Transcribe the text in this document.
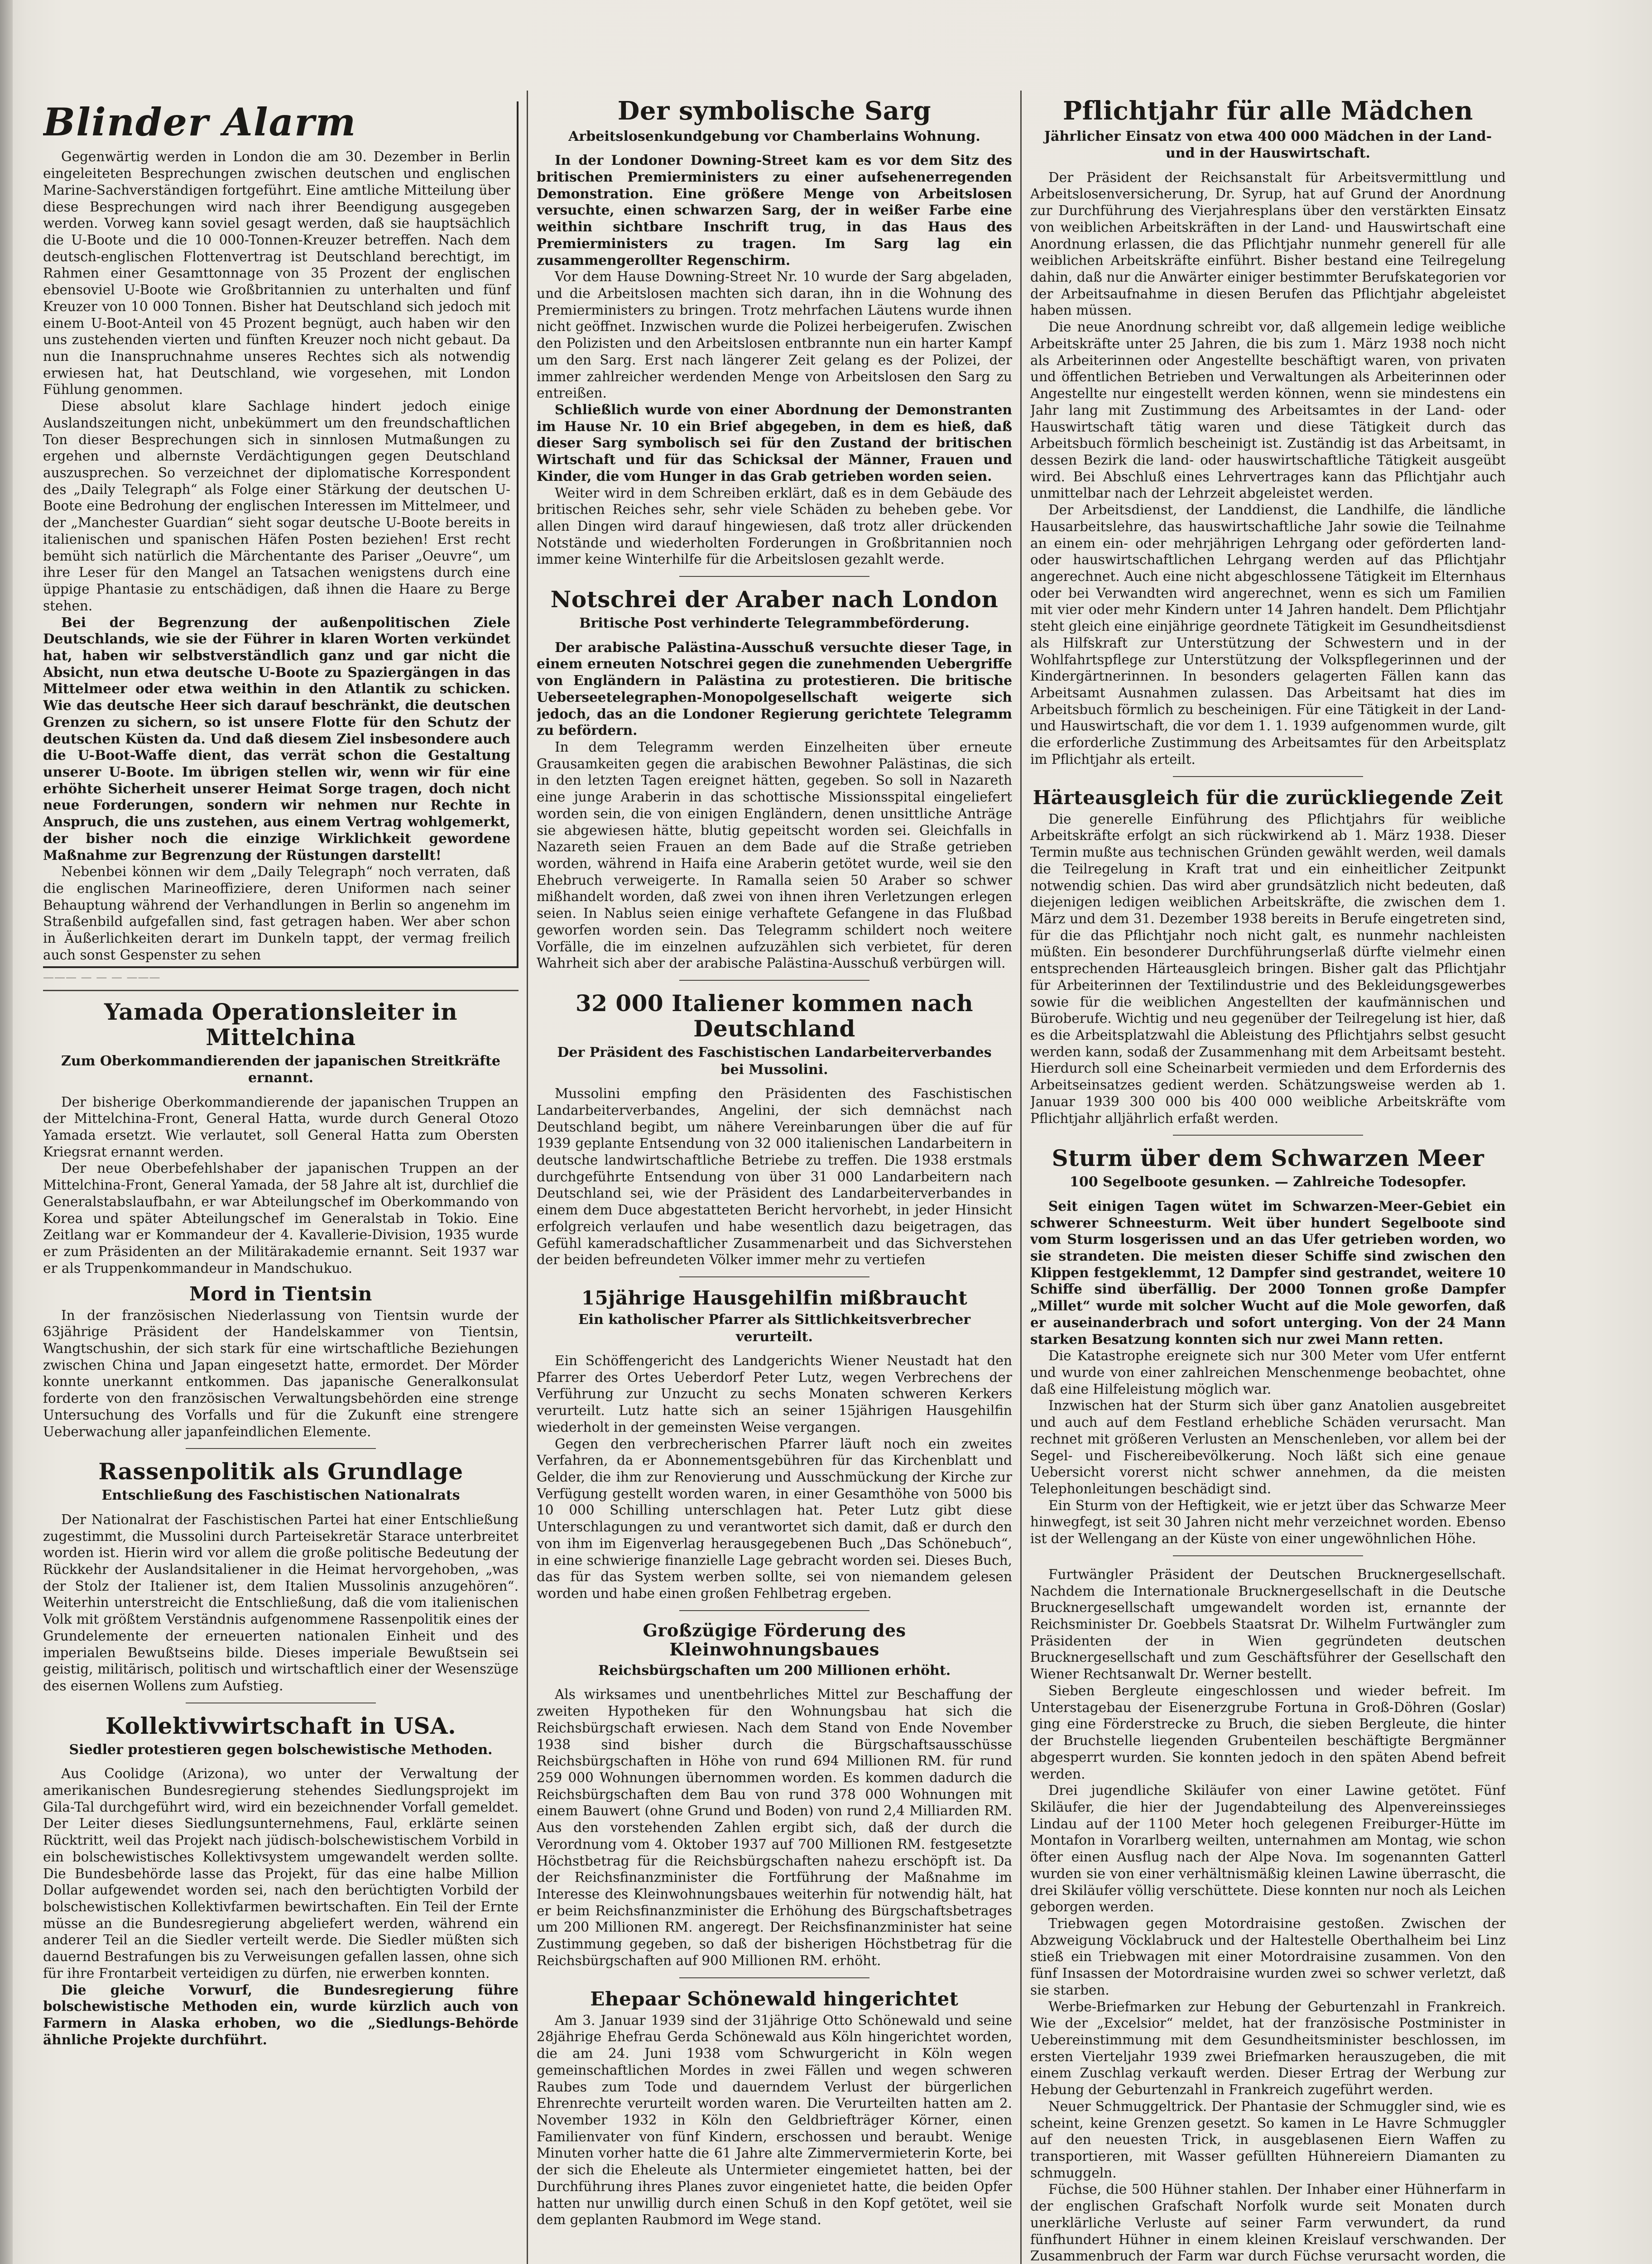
Blinder Alarm

Gegenwärtig werden in London die am 30. Dezember in Berlin eingeleiteten Besprechungen zwischen deutschen und englischen Marine-Sachverständigen fortgeführt. Eine amtliche Mitteilung über diese Besprechungen wird nach ihrer Beendigung ausgegeben werden. Vorweg kann soviel gesagt werden, daß sie hauptsächlich die U-Boote und die 10 000-Tonnen-Kreuzer betreffen. Nach dem deutsch-englischen Flottenvertrag ist Deutschland berechtigt, im Rahmen einer Gesamttonnage von 35 Prozent der englischen ebensoviel U-Boote wie Großbritannien zu unterhalten und fünf Kreuzer von 10 000 Tonnen. Bisher hat Deutschland sich jedoch mit einem U-Boot-Anteil von 45 Prozent begnügt, auch haben wir den uns zustehenden vierten und fünften Kreuzer noch nicht gebaut. Da nun die Inanspruchnahme unseres Rechtes sich als notwendig erwiesen hat, hat Deutschland, wie vorgesehen, mit London Fühlung genommen.

Diese absolut klare Sachlage hindert jedoch einige Auslandszeitungen nicht, unbekümmert um den freundschaftlichen Ton dieser Besprechungen sich in sinnlosen Mutmaßungen zu ergehen und albernste Verdächtigungen gegen Deutschland auszusprechen. So verzeichnet der diplomatische Korrespondent des „Daily Telegraph“ als Folge einer Stärkung der deutschen U-Boote eine Bedrohung der englischen Interessen im Mittelmeer, und der „Manchester Guardian“ sieht sogar deutsche U-Boote bereits in italienischen und spanischen Häfen Posten beziehen! Erst recht bemüht sich natürlich die Märchentante des Pariser „Oeuvre“, um ihre Leser für den Mangel an Tatsachen wenigstens durch eine üppige Phantasie zu entschädigen, daß ihnen die Haare zu Berge stehen.

Bei der Begrenzung der außenpolitischen Ziele Deutschlands, wie sie der Führer in klaren Worten verkündet hat, haben wir selbstverständlich ganz und gar nicht die Absicht, nun etwa deutsche U-Boote zu Spaziergängen in das Mittelmeer oder etwa weithin in den Atlantik zu schicken. Wie das deutsche Heer sich darauf beschränkt, die deutschen Grenzen zu sichern, so ist unsere Flotte für den Schutz der deutschen Küsten da. Und daß diesem Ziel insbesondere auch die U-Boot-Waffe dient, das verrät schon die Gestaltung unserer U-Boote. Im übrigen stellen wir, wenn wir für eine erhöhte Sicherheit unserer Heimat Sorge tragen, doch nicht neue Forderungen, sondern wir nehmen nur Rechte in Anspruch, die uns zustehen, aus einem Vertrag wohlgemerkt, der bisher noch die einzige Wirklichkeit gewordene Maßnahme zur Begrenzung der Rüstungen darstellt!

Nebenbei können wir dem „Daily Telegraph“ noch verraten, daß die englischen Marineoffiziere, deren Uniformen nach seiner Behauptung während der Verhandlungen in Berlin so angenehm im Straßenbild aufgefallen sind, fast getragen haben. Wer aber schon in Äußerlichkeiten derart im Dunkeln tappt, der vermag freilich auch sonst Gespenster zu sehen

——— — — — ———
Yamada Operationsleiter in Mittelchina
Zum Oberkommandierenden der japanischen Streitkräfte ernannt.

Der bisherige Oberkommandierende der japanischen Truppen an der Mittelchina-Front, General Hatta, wurde durch General Otozo Yamada ersetzt. Wie verlautet, soll General Hatta zum Obersten Kriegsrat ernannt werden.

Der neue Oberbefehlshaber der japanischen Truppen an der Mittelchina-Front, General Yamada, der 58 Jahre alt ist, durchlief die Generalstabslaufbahn, er war Abteilungschef im Oberkommando von Korea und später Abteilungschef im Generalstab in Tokio. Eine Zeitlang war er Kommandeur der 4. Kavallerie-Division, 1935 wurde er zum Präsidenten an der Militärakademie ernannt. Seit 1937 war er als Truppenkommandeur in Mandschukuo.

Mord in Tientsin

In der französischen Niederlassung von Tientsin wurde der 63jährige Präsident der Handelskammer von Tientsin, Wangtschushin, der sich stark für eine wirtschaftliche Beziehungen zwischen China und Japan eingesetzt hatte, ermordet. Der Mörder konnte unerkannt entkommen. Das japanische Generalkonsulat forderte von den französischen Verwaltungsbehörden eine strenge Untersuchung des Vorfalls und für die Zukunft eine strengere Ueberwachung aller japanfeindlichen Elemente.

Rassenpolitik als Grundlage
Entschließung des Faschistischen Nationalrats

Der Nationalrat der Faschistischen Partei hat einer Entschließung zugestimmt, die Mussolini durch Parteisekretär Starace unterbreitet worden ist. Hierin wird vor allem die große politische Bedeutung der Rückkehr der Auslandsitaliener in die Heimat hervorgehoben, „was der Stolz der Italiener ist, dem Italien Mussolinis anzugehören“. Weiterhin unterstreicht die Entschließung, daß die vom italienischen Volk mit größtem Verständnis aufgenommene Rassenpolitik eines der Grundelemente der erneuerten nationalen Einheit und des imperialen Bewußtseins bilde. Dieses imperiale Bewußtsein sei geistig, militärisch, politisch und wirtschaftlich einer der Wesenszüge des eisernen Wollens zum Aufstieg.

Kollektivwirtschaft in USA.
Siedler protestieren gegen bolschewistische Methoden.

Aus Coolidge (Arizona), wo unter der Verwaltung der amerikanischen Bundesregierung stehendes Siedlungsprojekt im Gila-Tal durchgeführt wird, wird ein bezeichnender Vorfall gemeldet. Der Leiter dieses Siedlungsunternehmens, Faul, erklärte seinen Rücktritt, weil das Projekt nach jüdisch-bolschewistischem Vorbild in ein bolschewistisches Kollektivsystem umgewandelt werden sollte. Die Bundesbehörde lasse das Projekt, für das eine halbe Million Dollar aufgewendet worden sei, nach den berüchtigten Vorbild der bolschewistischen Kollektivfarmen bewirtschaften. Ein Teil der Ernte müsse an die Bundesregierung abgeliefert werden, während ein anderer Teil an die Siedler verteilt werde. Die Siedler müßten sich dauernd Bestrafungen bis zu Verweisungen gefallen lassen, ohne sich für ihre Frontarbeit verteidigen zu dürfen, nie erwerben konnten.

Die gleiche Vorwurf, die Bundesregierung führe bolschewistische Methoden ein, wurde kürzlich auch von Farmern in Alaska erhoben, wo die „Siedlungs-Behörde ähnliche Projekte durchführt.

Der symbolische Sarg
Arbeitslosenkundgebung vor Chamberlains Wohnung.

In der Londoner Downing-Street kam es vor dem Sitz des britischen Premierministers zu einer aufsehenerregenden Demonstration. Eine größere Menge von Arbeitslosen versuchte, einen schwarzen Sarg, der in weißer Farbe eine weithin sichtbare Inschrift trug, in das Haus des Premierministers zu tragen. Im Sarg lag ein zusammengerollter Regenschirm.

Vor dem Hause Downing-Street Nr. 10 wurde der Sarg abgeladen, und die Arbeitslosen machten sich daran, ihn in die Wohnung des Premierministers zu bringen. Trotz mehrfachen Läutens wurde ihnen nicht geöffnet. Inzwischen wurde die Polizei herbeigerufen. Zwischen den Polizisten und den Arbeitslosen entbrannte nun ein harter Kampf um den Sarg. Erst nach längerer Zeit gelang es der Polizei, der immer zahlreicher werdenden Menge von Arbeitslosen den Sarg zu entreißen.

Schließlich wurde von einer Abordnung der Demonstranten im Hause Nr. 10 ein Brief abgegeben, in dem es hieß, daß dieser Sarg symbolisch sei für den Zustand der britischen Wirtschaft und für das Schicksal der Männer, Frauen und Kinder, die vom Hunger in das Grab getrieben worden seien.

Weiter wird in dem Schreiben erklärt, daß es in dem Gebäude des britischen Reiches sehr, sehr viele Schäden zu beheben gebe. Vor allen Dingen wird darauf hingewiesen, daß trotz aller drückenden Notstände und wiederholten Forderungen in Großbritannien noch immer keine Winterhilfe für die Arbeitslosen gezahlt werde.

Notschrei der Araber nach London
Britische Post verhinderte Telegrammbeförderung.

Der arabische Palästina-Ausschuß versuchte dieser Tage, in einem erneuten Notschrei gegen die zunehmenden Uebergriffe von Engländern in Palästina zu protestieren. Die britische Ueberseetelegraphen-Monopolgesellschaft weigerte sich jedoch, das an die Londoner Regierung gerichtete Telegramm zu befördern.

In dem Telegramm werden Einzelheiten über erneute Grausamkeiten gegen die arabischen Bewohner Palästinas, die sich in den letzten Tagen ereignet hätten, gegeben. So soll in Nazareth eine junge Araberin in das schottische Missionsspital eingeliefert worden sein, die von einigen Engländern, denen unsittliche Anträge sie abgewiesen hätte, blutig gepeitscht worden sei. Gleichfalls in Nazareth seien Frauen an dem Bade auf die Straße getrieben worden, während in Haifa eine Araberin getötet wurde, weil sie den Ehebruch verweigerte. In Ramalla seien 50 Araber so schwer mißhandelt worden, daß zwei von ihnen ihren Verletzungen erlegen seien. In Nablus seien einige verhaftete Gefangene in das Flußbad geworfen worden sein. Das Telegramm schildert noch weitere Vorfälle, die im einzelnen aufzuzählen sich verbietet, für deren Wahrheit sich aber der arabische Palästina-Ausschuß verbürgen will.

32 000 Italiener kommen nach Deutschland
Der Präsident des Faschistischen Landarbeiterverbandes bei Mussolini.

Mussolini empfing den Präsidenten des Faschistischen Landarbeiterverbandes, Angelini, der sich demnächst nach Deutschland begibt, um nähere Vereinbarungen über die auf für 1939 geplante Entsendung von 32 000 italienischen Landarbeitern in deutsche landwirtschaftliche Betriebe zu treffen. Die 1938 erstmals durchgeführte Entsendung von über 31 000 Landarbeitern nach Deutschland sei, wie der Präsident des Landarbeiterverbandes in einem dem Duce abgestatteten Bericht hervorhebt, in jeder Hinsicht erfolgreich verlaufen und habe wesentlich dazu beigetragen, das Gefühl kameradschaftlicher Zusammenarbeit und das Sichverstehen der beiden befreundeten Völker immer mehr zu vertiefen

15jährige Hausgehilfin mißbraucht
Ein katholischer Pfarrer als Sittlichkeitsverbrecher verurteilt.

Ein Schöffengericht des Landgerichts Wiener Neustadt hat den Pfarrer des Ortes Ueberdorf Peter Lutz, wegen Verbrechens der Verführung zur Unzucht zu sechs Monaten schweren Kerkers verurteilt. Lutz hatte sich an seiner 15jährigen Hausgehilfin wiederholt in der gemeinsten Weise vergangen.

Gegen den verbrecherischen Pfarrer läuft noch ein zweites Verfahren, da er Abonnementsgebühren für das Kirchenblatt und Gelder, die ihm zur Renovierung und Ausschmückung der Kirche zur Verfügung gestellt worden waren, in einer Gesamthöhe von 5000 bis 10 000 Schilling unterschlagen hat. Peter Lutz gibt diese Unterschlagungen zu und verantwortet sich damit, daß er durch den von ihm im Eigenverlag herausgegebenen Buch „Das Schönebuch“, in eine schwierige finanzielle Lage gebracht worden sei. Dieses Buch, das für das System werben sollte, sei von niemandem gelesen worden und habe einen großen Fehlbetrag ergeben.

Großzügige Förderung des Kleinwohnungsbaues
Reichsbürgschaften um 200 Millionen erhöht.

Als wirksames und unentbehrliches Mittel zur Beschaffung der zweiten Hypotheken für den Wohnungsbau hat sich die Reichsbürgschaft erwiesen. Nach dem Stand von Ende November 1938 sind bisher durch die Bürgschaftsausschüsse Reichsbürgschaften in Höhe von rund 694 Millionen RM. für rund 259 000 Wohnungen übernommen worden. Es kommen dadurch die Reichsbürgschaften dem Bau von rund 378 000 Wohnungen mit einem Bauwert (ohne Grund und Boden) von rund 2,4 Milliarden RM. Aus den vorstehenden Zahlen ergibt sich, daß der durch die Verordnung vom 4. Oktober 1937 auf 700 Millionen RM. festgesetzte Höchstbetrag für die Reichsbürgschaften nahezu erschöpft ist. Da der Reichsfinanzminister die Fortführung der Maßnahme im Interesse des Kleinwohnungsbaues weiterhin für notwendig hält, hat er beim Reichsfinanzminister die Erhöhung des Bürgschaftsbetrages um 200 Millionen RM. angeregt. Der Reichsfinanzminister hat seine Zustimmung gegeben, so daß der bisherigen Höchstbetrag für die Reichsbürgschaften auf 900 Millionen RM. erhöht.

Ehepaar Schönewald hingerichtet

Am 3. Januar 1939 sind der 31jährige Otto Schönewald und seine 28jährige Ehefrau Gerda Schönewald aus Köln hingerichtet worden, die am 24. Juni 1938 vom Schwurgericht in Köln wegen gemeinschaftlichen Mordes in zwei Fällen und wegen schweren Raubes zum Tode und dauerndem Verlust der bürgerlichen Ehrenrechte verurteilt worden waren. Die Verurteilten hatten am 2. November 1932 in Köln den Geldbriefträger Körner, einen Familienvater von fünf Kindern, erschossen und beraubt. Wenige Minuten vorher hatte die 61 Jahre alte Zimmervermieterin Korte, bei der sich die Eheleute als Untermieter eingemietet hatten, bei der Durchführung ihres Planes zuvor eingenietet hatte, die beiden Opfer hatten nur unwillig durch einen Schuß in den Kopf getötet, weil sie dem geplanten Raubmord im Wege stand.

Pflichtjahr für alle Mädchen
Jährlicher Einsatz von etwa 400 000 Mädchen in der Land- und in der Hauswirtschaft.

Der Präsident der Reichsanstalt für Arbeitsvermittlung und Arbeitslosenversicherung, Dr. Syrup, hat auf Grund der Anordnung zur Durchführung des Vierjahresplans über den verstärkten Einsatz von weiblichen Arbeitskräften in der Land- und Hauswirtschaft eine Anordnung erlassen, die das Pflichtjahr nunmehr generell für alle weiblichen Arbeitskräfte einführt. Bisher bestand eine Teilregelung dahin, daß nur die Anwärter einiger bestimmter Berufskategorien vor der Arbeitsaufnahme in diesen Berufen das Pflichtjahr abgeleistet haben müssen.

Die neue Anordnung schreibt vor, daß allgemein ledige weibliche Arbeitskräfte unter 25 Jahren, die bis zum 1. März 1938 noch nicht als Arbeiterinnen oder Angestellte beschäftigt waren, von privaten und öffentlichen Betrieben und Verwaltungen als Arbeiterinnen oder Angestellte nur eingestellt werden können, wenn sie mindestens ein Jahr lang mit Zustimmung des Arbeitsamtes in der Land- oder Hauswirtschaft tätig waren und diese Tätigkeit durch das Arbeitsbuch förmlich bescheinigt ist. Zuständig ist das Arbeitsamt, in dessen Bezirk die land- oder hauswirtschaftliche Tätigkeit ausgeübt wird. Bei Abschluß eines Lehrvertrages kann das Pflichtjahr auch unmittelbar nach der Lehrzeit abgeleistet werden.

Der Arbeitsdienst, der Landdienst, die Landhilfe, die ländliche Hausarbeitslehre, das hauswirtschaftliche Jahr sowie die Teilnahme an einem ein- oder mehrjährigen Lehrgang oder geförderten land- oder hauswirtschaftlichen Lehrgang werden auf das Pflichtjahr angerechnet. Auch eine nicht abgeschlossene Tätigkeit im Elternhaus oder bei Verwandten wird angerechnet, wenn es sich um Familien mit vier oder mehr Kindern unter 14 Jahren handelt. Dem Pflichtjahr steht gleich eine einjährige geordnete Tätigkeit im Gesundheitsdienst als Hilfskraft zur Unterstützung der Schwestern und in der Wohlfahrtspflege zur Unterstützung der Volkspflegerinnen und der Kindergärtnerinnen. In besonders gelagerten Fällen kann das Arbeitsamt Ausnahmen zulassen. Das Arbeitsamt hat dies im Arbeitsbuch förmlich zu bescheinigen. Für eine Tätigkeit in der Land- und Hauswirtschaft, die vor dem 1. 1. 1939 aufgenommen wurde, gilt die erforderliche Zustimmung des Arbeitsamtes für den Arbeitsplatz im Pflichtjahr als erteilt.

Härteausgleich für die zurückliegende Zeit

Die generelle Einführung des Pflichtjahrs für weibliche Arbeitskräfte erfolgt an sich rückwirkend ab 1. März 1938. Dieser Termin mußte aus technischen Gründen gewählt werden, weil damals die Teilregelung in Kraft trat und ein einheitlicher Zeitpunkt notwendig schien. Das wird aber grundsätzlich nicht bedeuten, daß diejenigen ledigen weiblichen Arbeitskräfte, die zwischen dem 1. März und dem 31. Dezember 1938 bereits in Berufe eingetreten sind, für die das Pflichtjahr noch nicht galt, es nunmehr nachleisten müßten. Ein besonderer Durchführungserlaß dürfte vielmehr einen entsprechenden Härteausgleich bringen. Bisher galt das Pflichtjahr für Arbeiterinnen der Textilindustrie und des Bekleidungsgewerbes sowie für die weiblichen Angestellten der kaufmännischen und Büroberufe. Wichtig und neu gegenüber der Teilregelung ist hier, daß es die Arbeitsplatzwahl die Ableistung des Pflichtjahrs selbst gesucht werden kann, sodaß der Zusammenhang mit dem Arbeitsamt besteht. Hierdurch soll eine Scheinarbeit vermieden und dem Erfordernis des Arbeitseinsatzes gedient werden. Schätzungsweise werden ab 1. Januar 1939 300 000 bis 400 000 weibliche Arbeitskräfte vom Pflichtjahr alljährlich erfaßt werden.

Sturm über dem Schwarzen Meer
100 Segelboote gesunken. — Zahlreiche Todesopfer.

Seit einigen Tagen wütet im Schwarzen-Meer-Gebiet ein schwerer Schneesturm. Weit über hundert Segelboote sind vom Sturm losgerissen und an das Ufer getrieben worden, wo sie strandeten. Die meisten dieser Schiffe sind zwischen den Klippen festgeklemmt, 12 Dampfer sind gestrandet, weitere 10 Schiffe sind überfällig. Der 2000 Tonnen große Dampfer „Millet“ wurde mit solcher Wucht auf die Mole geworfen, daß er auseinanderbrach und sofort unterging. Von der 24 Mann starken Besatzung konnten sich nur zwei Mann retten.

Die Katastrophe ereignete sich nur 300 Meter vom Ufer entfernt und wurde von einer zahlreichen Menschenmenge beobachtet, ohne daß eine Hilfeleistung möglich war.

Inzwischen hat der Sturm sich über ganz Anatolien ausgebreitet und auch auf dem Festland erhebliche Schäden verursacht. Man rechnet mit größeren Verlusten an Menschenleben, vor allem bei der Segel- und Fischereibevölkerung. Noch läßt sich eine genaue Uebersicht vorerst nicht schwer annehmen, da die meisten Telephonleitungen beschädigt sind.

Ein Sturm von der Heftigkeit, wie er jetzt über das Schwarze Meer hinwegfegt, ist seit 30 Jahren nicht mehr verzeichnet worden. Ebenso ist der Wellengang an der Küste von einer ungewöhnlichen Höhe.

Furtwängler Präsident der Deutschen Brucknergesellschaft. Nachdem die Internationale Brucknergesellschaft in die Deutsche Brucknergesellschaft umgewandelt worden ist, ernannte der Reichsminister Dr. Goebbels Staatsrat Dr. Wilhelm Furtwängler zum Präsidenten der in Wien gegründeten deutschen Brucknergesellschaft und zum Geschäftsführer der Gesellschaft den Wiener Rechtsanwalt Dr. Werner bestellt.

Sieben Bergleute eingeschlossen und wieder befreit. Im Unterstagebau der Eisenerzgrube Fortuna in Groß-Döhren (Goslar) ging eine Förderstrecke zu Bruch, die sieben Bergleute, die hinter der Bruchstelle liegenden Grubenteilen beschäftigte Bergmänner abgesperrt wurden. Sie konnten jedoch in den späten Abend befreit werden.

Drei jugendliche Skiläufer von einer Lawine getötet. Fünf Skiläufer, die hier der Jugendabteilung des Alpenvereinssieges Lindau auf der 1100 Meter hoch gelegenen Freiburger-Hütte im Montafon in Vorarlberg weilten, unternahmen am Montag, wie schon öfter einen Ausflug nach der Alpe Nova. Im sogenannten Gatterl wurden sie von einer verhältnismäßig kleinen Lawine überrascht, die drei Skiläufer völlig verschüttete. Diese konnten nur noch als Leichen geborgen werden.

Triebwagen gegen Motordraisine gestoßen. Zwischen der Abzweigung Vöcklabruck und der Haltestelle Oberthalheim bei Linz stieß ein Triebwagen mit einer Motordraisine zusammen. Von den fünf Insassen der Motordraisine wurden zwei so schwer verletzt, daß sie starben.

Werbe-Briefmarken zur Hebung der Geburtenzahl in Frankreich. Wie der „Excelsior“ meldet, hat der französische Postminister in Uebereinstimmung mit dem Gesundheitsminister beschlossen, im ersten Vierteljahr 1939 zwei Briefmarken herauszugeben, die mit einem Zuschlag verkauft werden. Dieser Ertrag der Werbung zur Hebung der Geburtenzahl in Frankreich zugeführt werden.

Neuer Schmuggeltrick. Der Phantasie der Schmuggler sind, wie es scheint, keine Grenzen gesetzt. So kamen in Le Havre Schmuggler auf den neuesten Trick, in ausgeblasenen Eiern Waffen zu transportieren, mit Wasser gefüllten Hühnereiern Diamanten zu schmuggeln.

Füchse, die 500 Hühner stahlen. Der Inhaber einer Hühnerfarm in der englischen Grafschaft Norfolk wurde seit Monaten durch unerklärliche Verluste auf seiner Farm verwundert, da rund fünfhundert Hühner in einem kleinen Kreislauf verschwanden. Der Zusammenbruch der Farm war durch Füchse verursacht worden, die
